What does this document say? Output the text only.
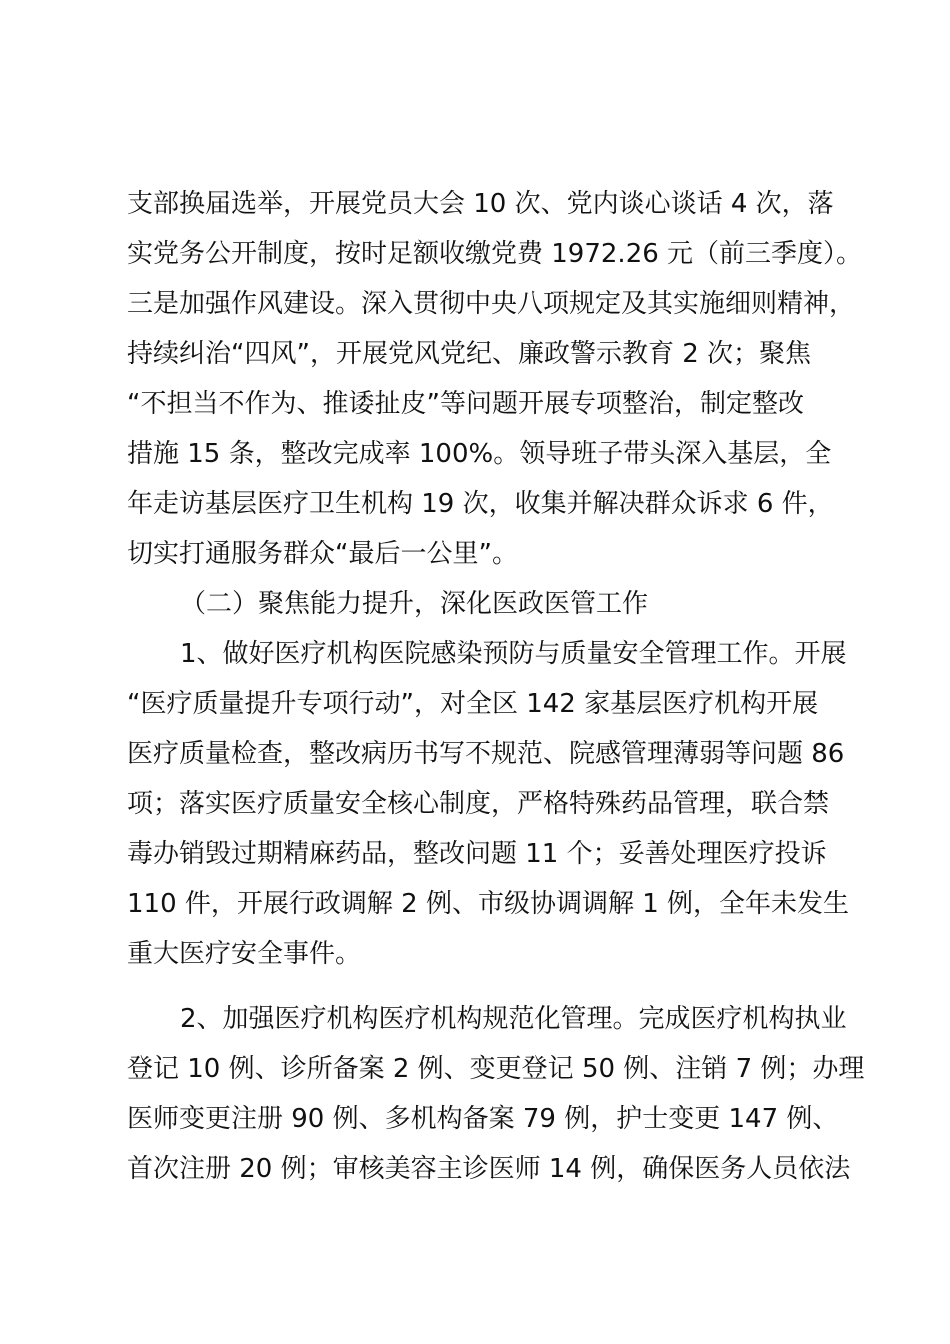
支部换届选举，开展党员大会 10 次、党内谈心谈话 4 次，落
实党务公开制度，按时足额收缴党费 1972.26 元（前三季度）。
三是加强作风建设。深入贯彻中央八项规定及其实施细则精神，
持续纠治“四风”，开展党风党纪、廉政警示教育 2 次；聚焦
“不担当不作为、推诿扯皮”等问题开展专项整治，制定整改
措施 15 条，整改完成率 100%。领导班子带头深入基层，全
年走访基层医疗卫生机构 19 次，收集并解决群众诉求 6 件，
切实打通服务群众“最后一公里”。
（二）聚焦能力提升，深化医政医管工作
1、做好医疗机构医院感染预防与质量安全管理工作。开展
“医疗质量提升专项行动”，对全区 142 家基层医疗机构开展
医疗质量检查，整改病历书写不规范、院感管理薄弱等问题 86
项；落实医疗质量安全核心制度，严格特殊药品管理，联合禁
毒办销毁过期精麻药品，整改问题 11 个；妥善处理医疗投诉
110 件，开展行政调解 2 例、市级协调调解 1 例，全年未发生
重大医疗安全事件。
2、加强医疗机构医疗机构规范化管理。完成医疗机构执业
登记 10 例、诊所备案 2 例、变更登记 50 例、注销 7 例；办理
医师变更注册 90 例、多机构备案 79 例，护士变更 147 例、
首次注册 20 例；审核美容主诊医师 14 例，确保医务人员依法
